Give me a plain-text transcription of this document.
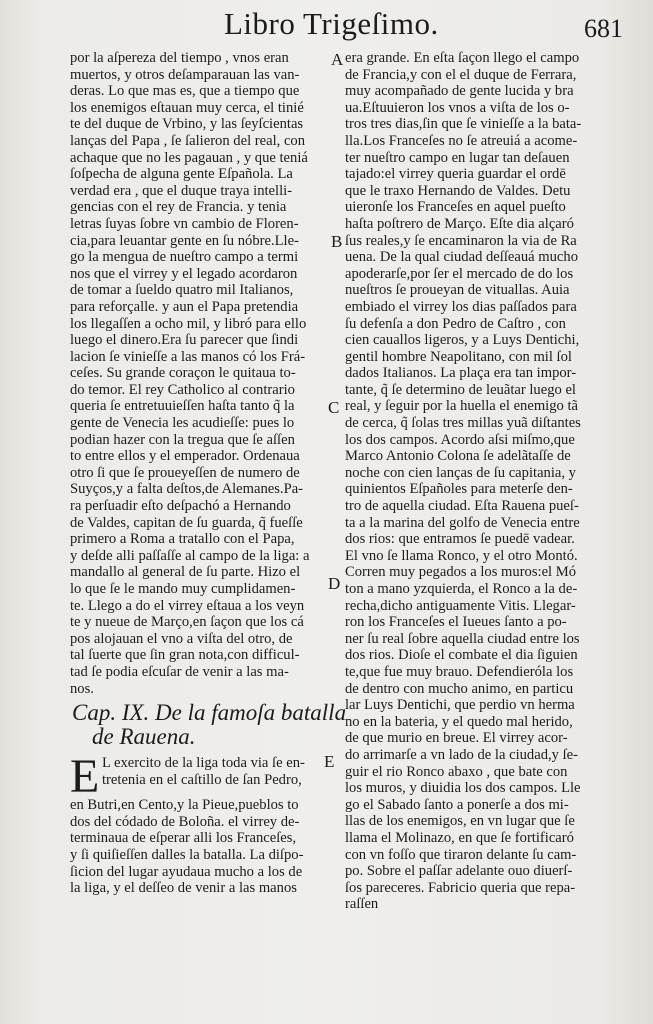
Libro Trigeſimo.	681
por la aſpereza del tiempo , vnos eran
muertos, y otros deſamparauan las van-
deras. Lo que mas es, que a tiempo que
los enemigos eſtauan muy cerca, el tinié
te del duque de Vrbino, y las ſeyſcientas
lanças del Papa , ſe ſalieron del real, con
achaque que no les pagauan , y que teniá
ſoſpecha de alguna gente Eſpañola. La
verdad era , que el duque traya intelli-
gencias con el rey de Francia. y tenia
letras ſuyas ſobre vn cambio de Floren-
cia,para leuantar gente en ſu nóbre.Lle-
go la mengua de nueſtro campo a termi
nos que el virrey y el legado acordaron
de tomar a ſueldo quatro mil Italianos,
para reforçalle. y aun el Papa pretendia
los llegaſſen a ocho mil, y libró para ello
luego el dinero.Era ſu parecer que ſindi
lacion ſe vinieſſe a las manos có los Frá-
ceſes. Su grande coraçon le quitaua to-
do temor. El rey Catholico al contrario
queria ſe entretuuieſſen haſta tanto q̃ la
gente de Venecia les acudieſſe: pues lo
podian hazer con la tregua que ſe aſſen
to entre ellos y el emperador. Ordenaua
otro ſi que ſe proueyeſſen de numero de
Suyços,y a falta deſtos,de Alemanes.Pa-
ra perſuadir eſto deſpachó a Hernando
de Valdes, capitan de ſu guarda, q̃ fueſſe
primero a Roma a tratallo con el Papa,
y deſde alli paſſaſſe al campo de la liga: a
mandallo al general de ſu parte. Hizo el
lo que ſe le mando muy cumplidamen-
te. Llego a do el virrey eſtaua a los veyn
te y nueue de Março,en ſaçon que los cá
pos alojauan el vno a viſta del otro, de
tal ſuerte que ſin gran nota,con difficul-
tad ſe podia eſcuſar de venir a las ma-
nos.
Cap. IX. De la famoſa batalla
de Rauena.
E L exercito de la liga toda via ſe en-
tretenia en el caſtillo de ſan Pedro,
en Butri,en Cento,y la Pieue,pueblos to
dos del códado de Boloña. el virrey de-
terminaua de eſperar alli los Franceſes,
y ſi quiſieſſen dalles la batalla. La diſpo-
ſicion del lugar ayudaua mucho a los de
la liga, y el deſſeo de venir a las manos
era grande. En eſta ſaçon llego el campo
de Francia,y con el el duque de Ferrara,
muy acompañado de gente lucida y bra
ua.Eſtuuieron los vnos a viſta de los o-
tros tres dias,ſin que ſe vinieſſe a la bata-
lla.Los Franceſes no ſe atreuiá a acome-
ter nueſtro campo en lugar tan deſauen
tajado:el virrey queria guardar el ordē
que le traxo Hernando de Valdes. Detu
uieronſe los Franceſes en aquel pueſto
haſta poſtrero de Março. Eſte dia alçaró
ſus reales,y ſe encaminaron la via de Ra
uena. De la qual ciudad deſſeauá mucho
apoderarſe,por ſer el mercado de do los
nueſtros ſe proueyan de vituallas. Auia
embiado el virrey los dias paſſados para
ſu defenſa a don Pedro de Caſtro , con
cien cauallos ligeros, y a Luys Dentichi,
gentil hombre Neapolitano, con mil ſol
dados Italianos. La plaça era tan impor-
tante, q̃ ſe determino de leuãtar luego el
real, y ſeguir por la huella el enemigo tã
de cerca, q̃ ſolas tres millas yuã diſtantes
los dos campos. Acordo aſsi miſmo,que
Marco Antonio Colona ſe adelãtaſſe de
noche con cien lanças de ſu capitania, y
quinientos Eſpañoles para meterſe den-
tro de aquella ciudad. Eſta Rauena pueſ-
ta a la marina del golfo de Venecia entre
dos rios: que entramos ſe puedē vadear.
El vno ſe llama Ronco, y el otro Montó.
Corren muy pegados a los muros:el Mó
ton a mano yzquierda, el Ronco a la de-
recha,dicho antiguamente Vitis. Llegar-
ron los Franceſes el Iueues ſanto a po-
ner ſu real ſobre aquella ciudad entre los
dos rios. Dioſe el combate el dia ſiguien
te,que fue muy brauo. Defendieróla los
de dentro con mucho animo, en particu
lar Luys Dentichi, que perdio vn herma
no en la bateria, y el quedo mal herido,
de que murio en breue. El virrey acor-
do arrimarſe a vn lado de la ciudad,y ſe-
guir el rio Ronco abaxo , que bate con
los muros, y diuidia los dos campos. Lle
go el Sabado ſanto a ponerſe a dos mi-
llas de los enemigos, en vn lugar que ſe
llama el Molinazo, en que ſe fortificaró
con vn foſſo que tiraron delante ſu cam-
po. Sobre el paſſar adelante ouo diuerſ-
ſos pareceres. Fabricio queria que repa-
raſſen
A
B
C
D
E
